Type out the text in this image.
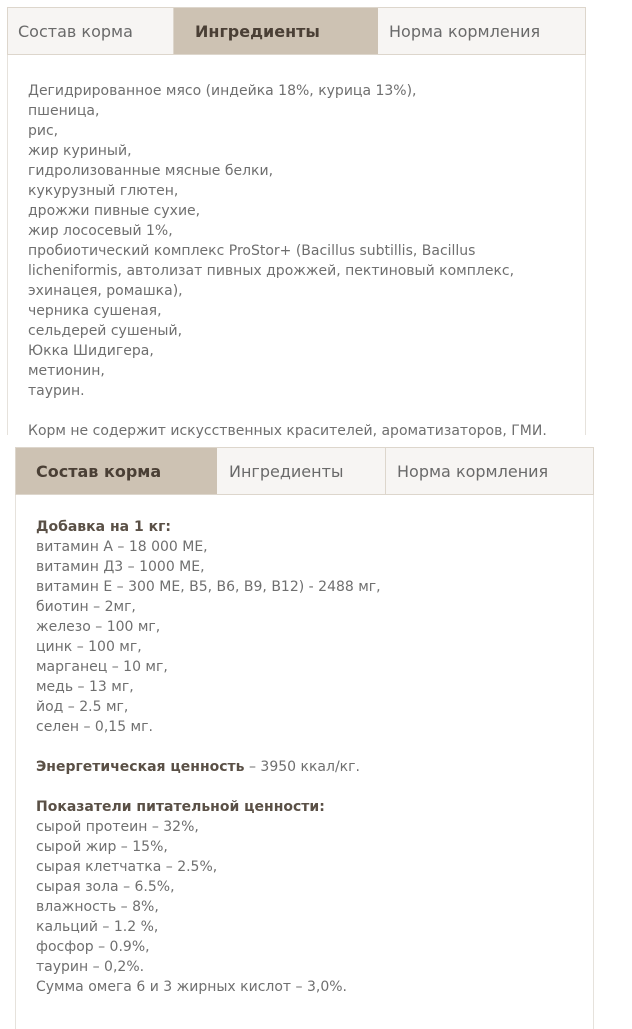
Состав корма	Ингредиенты	Норма кормления
Дегидрированное мясо (индейка 18%, курица 13%),
пшеница,
рис,
жир куриный,
гидролизованные мясные белки,
кукурузный глютен,
дрожжи пивные сухие,
жир лососевый 1%,
пробиотический комплекс ProStor+ (Bacillus subtillis, Bacillus
licheniformis, автолизат пивных дрожжей, пектиновый комплекс,
эхинацея, ромашка),
черника сушеная,
сельдерей сушеный,
Юкка Шидигера,
метионин,
таурин.
Корм не содержит искусственных красителей, ароматизаторов, ГМИ.
Состав корма	Ингредиенты	Норма кормления
Добавка на 1 кг:
витамин А – 18 000 МЕ,
витамин Д3 – 1000 МЕ,
витамин Е – 300 МЕ, В5, В6, В9, В12) - 2488 мг,
биотин – 2мг,
железо – 100 мг,
цинк – 100 мг,
марганец – 10 мг,
медь – 13 мг,
йод – 2.5 мг,
селен – 0,15 мг.
Энергетическая ценность – 3950 ккал/кг.
Показатели питательной ценности:
сырой протеин – 32%,
сырой жир – 15%,
сырая клетчатка – 2.5%,
сырая зола – 6.5%,
влажность – 8%,
кальций – 1.2 %,
фосфор – 0.9%,
таурин – 0,2%.
Сумма омега 6 и 3 жирных кислот – 3,0%.
